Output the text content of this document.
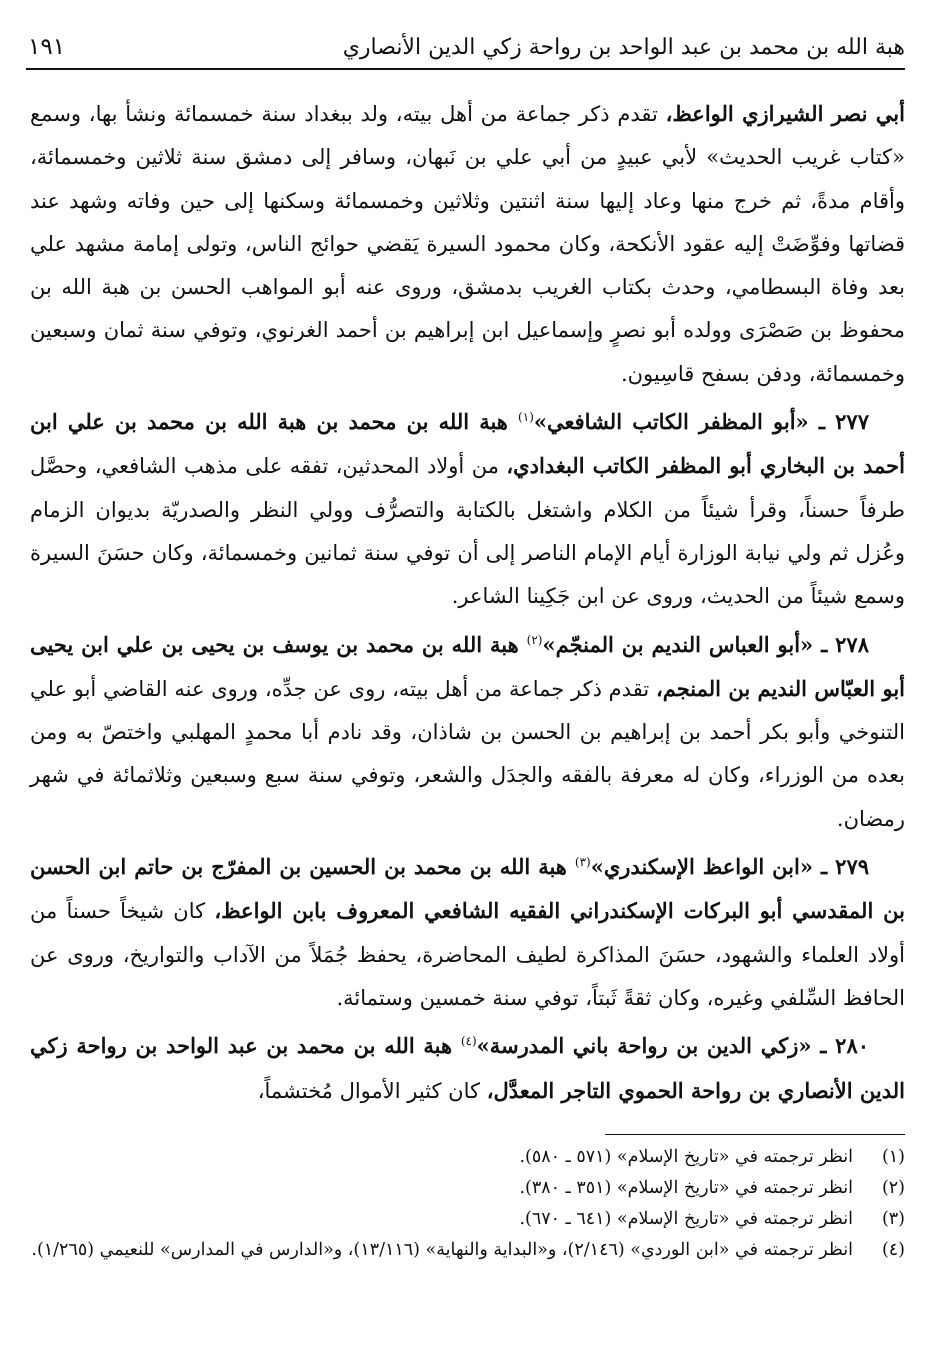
هبة الله بن محمد بن عبد الواحد بن رواحة زكي الدين الأنصاري
١٩١

أبي نصر الشيرازي الواعظ، تقدم ذكر جماعة من أهل بيته، ولد ببغداد سنة خمسمائة ونشأ بها، وسمع «كتاب غريب الحديث» لأبي عبيدٍ من أبي علي بن نَبهان، وسافر إلى دمشق سنة ثلاثين وخمسمائة، وأقام مدةً، ثم خرج منها وعاد إليها سنة اثنتين وثلاثين وخمسمائة وسكنها إلى حين وفاته وشهد عند قضاتها وفوِّضَتْ إليه عقود الأنكحة، وكان محمود السيرة يَقضي حوائج الناس، وتولى إمامة مشهد علي بعد وفاة البسطامي، وحدث بكتاب الغريب بدمشق، وروى عنه أبو المواهب الحسن بن هبة الله بن محفوظ بن صَصْرَى وولده أبو نصرٍ وإسماعيل ابن إبراهيم بن أحمد الغرنوي، وتوفي سنة ثمان وسبعين وخمسمائة، ودفن بسفح قاسِيون.

٢٧٧ ـ «أبو المظفر الكاتب الشافعي»$^{(١)}$ هبة الله بن محمد بن هبة الله بن محمد بن علي ابن أحمد بن البخاري أبو المظفر الكاتب البغدادي، من أولاد المحدثين، تفقه على مذهب الشافعي، وحصَّل طرفاً حسناً، وقرأ شيئاً من الكلام واشتغل بالكتابة والتصرُّف وولي النظر والصدريّة بديوان الزمام وعُزل ثم ولي نيابة الوزارة أيام الإمام الناصر إلى أن توفي سنة ثمانين وخمسمائة، وكان حسَنَ السيرة وسمع شيئاً من الحديث، وروى عن ابن جَكِينا الشاعر.

٢٧٨ ـ «أبو العباس النديم بن المنجّم»$^{(٢)}$ هبة الله بن محمد بن يوسف بن يحيى بن علي ابن يحيى أبو العبّاس النديم بن المنجم، تقدم ذكر جماعة من أهل بيته، روى عن جدِّه، وروى عنه القاضي أبو علي التنوخي وأبو بكر أحمد بن إبراهيم بن الحسن بن شاذان، وقد نادم أبا محمدٍ المهلبي واختصّ به ومن بعده من الوزراء، وكان له معرفة بالفقه والجدَل والشعر، وتوفي سنة سبع وسبعين وثلاثمائة في شهر رمضان.

٢٧٩ ـ «ابن الواعظ الإسكندري»$^{(٣)}$ هبة الله بن محمد بن الحسين بن المفرّج بن حاتم ابن الحسن بن المقدسي أبو البركات الإسكندراني الفقيه الشافعي المعروف بابن الواعظ، كان شيخاً حسناً من أولاد العلماء والشهود، حسَنَ المذاكرة لطيف المحاضرة، يحفظ جُمَلاً من الآداب والتواريخ، وروى عن الحافظ السِّلفي وغيره، وكان ثقةً ثَبتاً، توفي سنة خمسين وستمائة.

٢٨٠ ـ «زكي الدين بن رواحة باني المدرسة»$^{(٤)}$ هبة الله بن محمد بن عبد الواحد بن رواحة زكي الدين الأنصاري بن رواحة الحموي التاجر المعدَّل، كان كثير الأموال مُختشماً،

(١)
انظر ترجمته في «تاريخ الإسلام» (٥٧١ ـ ٥٨٠).

(٢)
انظر ترجمته في «تاريخ الإسلام» (٣٥١ ـ ٣٨٠).

(٣)
انظر ترجمته في «تاريخ الإسلام» (٦٤١ ـ ٦٧٠).

(٤)
انظر ترجمته في «ابن الوردي» (٢/١٤٦)، و«البداية والنهاية» (١٣/١١٦)، و«الدارس في المدارس» للنعيمي (١/٢٦٥).
